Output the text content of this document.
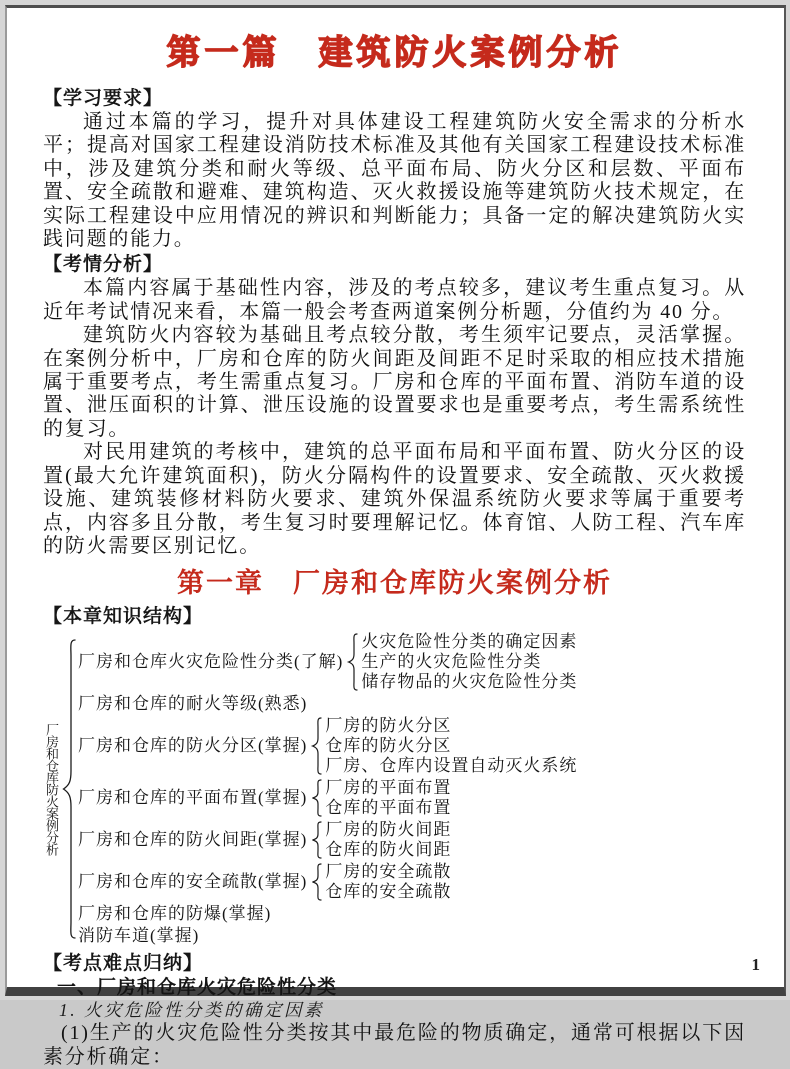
第一篇　建筑防火案例分析
【学习要求】

通过本篇的学习，提升对具体建设工程建筑防火安全需求的分析水平；提高对国家工程建设消防技术标准及其他有关国家工程建设技术标准中，涉及建筑分类和耐火等级、总平面布局、防火分区和层数、平面布置、安全疏散和避难、建筑构造、灭火救援设施等建筑防火技术规定，在实际工程建设中应用情况的辨识和判断能力；具备一定的解决建筑防火实践问题的能力。

【考情分析】

本篇内容属于基础性内容，涉及的考点较多，建议考生重点复习。从近年考试情况来看，本篇一般会考查两道案例分析题，分值约为 40 分。

建筑防火内容较为基础且考点较分散，考生须牢记要点，灵活掌握。在案例分析中，厂房和仓库的防火间距及间距不足时采取的相应技术措施属于重要考点，考生需重点复习。厂房和仓库的平面布置、消防车道的设置、泄压面积的计算、泄压设施的设置要求也是重要考点，考生需系统性的复习。

对民用建筑的考核中，建筑的总平面布局和平面布置、防火分区的设置(最大允许建筑面积)，防火分隔构件的设置要求、安全疏散、灭火救援设施、建筑装修材料防火要求、建筑外保温系统防火要求等属于重要考点，内容多且分散，考生复习时要理解记忆。体育馆、人防工程、汽车库的防火需要区别记忆。

第一章　厂房和仓库防火案例分析
【本章知识结构】
厂房和仓库防火案例分析
厂房和仓库火灾危险性分类(了解)
火灾危险性分类的确定因素
生产的火灾危险性分类
储存物品的火灾危险性分类
厂房和仓库的耐火等级(熟悉)
厂房和仓库的防火分区(掌握)
厂房的防火分区
仓库的防火分区
厂房、仓库内设置自动灭火系统
厂房和仓库的平面布置(掌握)
厂房的平面布置
仓库的平面布置
厂房和仓库的防火间距(掌握)
厂房的防火间距
仓库的防火间距
厂房和仓库的安全疏散(掌握)
厂房的安全疏散
仓库的安全疏散
厂房和仓库的防爆(掌握)
消防车道(掌握)
【考点难点归纳】
一、厂房和仓库火灾危险性分类
1. 火灾危险性分类的确定因素

(1)生产的火灾危险性分类按其中最危险的物质确定，通常可根据以下因素分析确定：

1
